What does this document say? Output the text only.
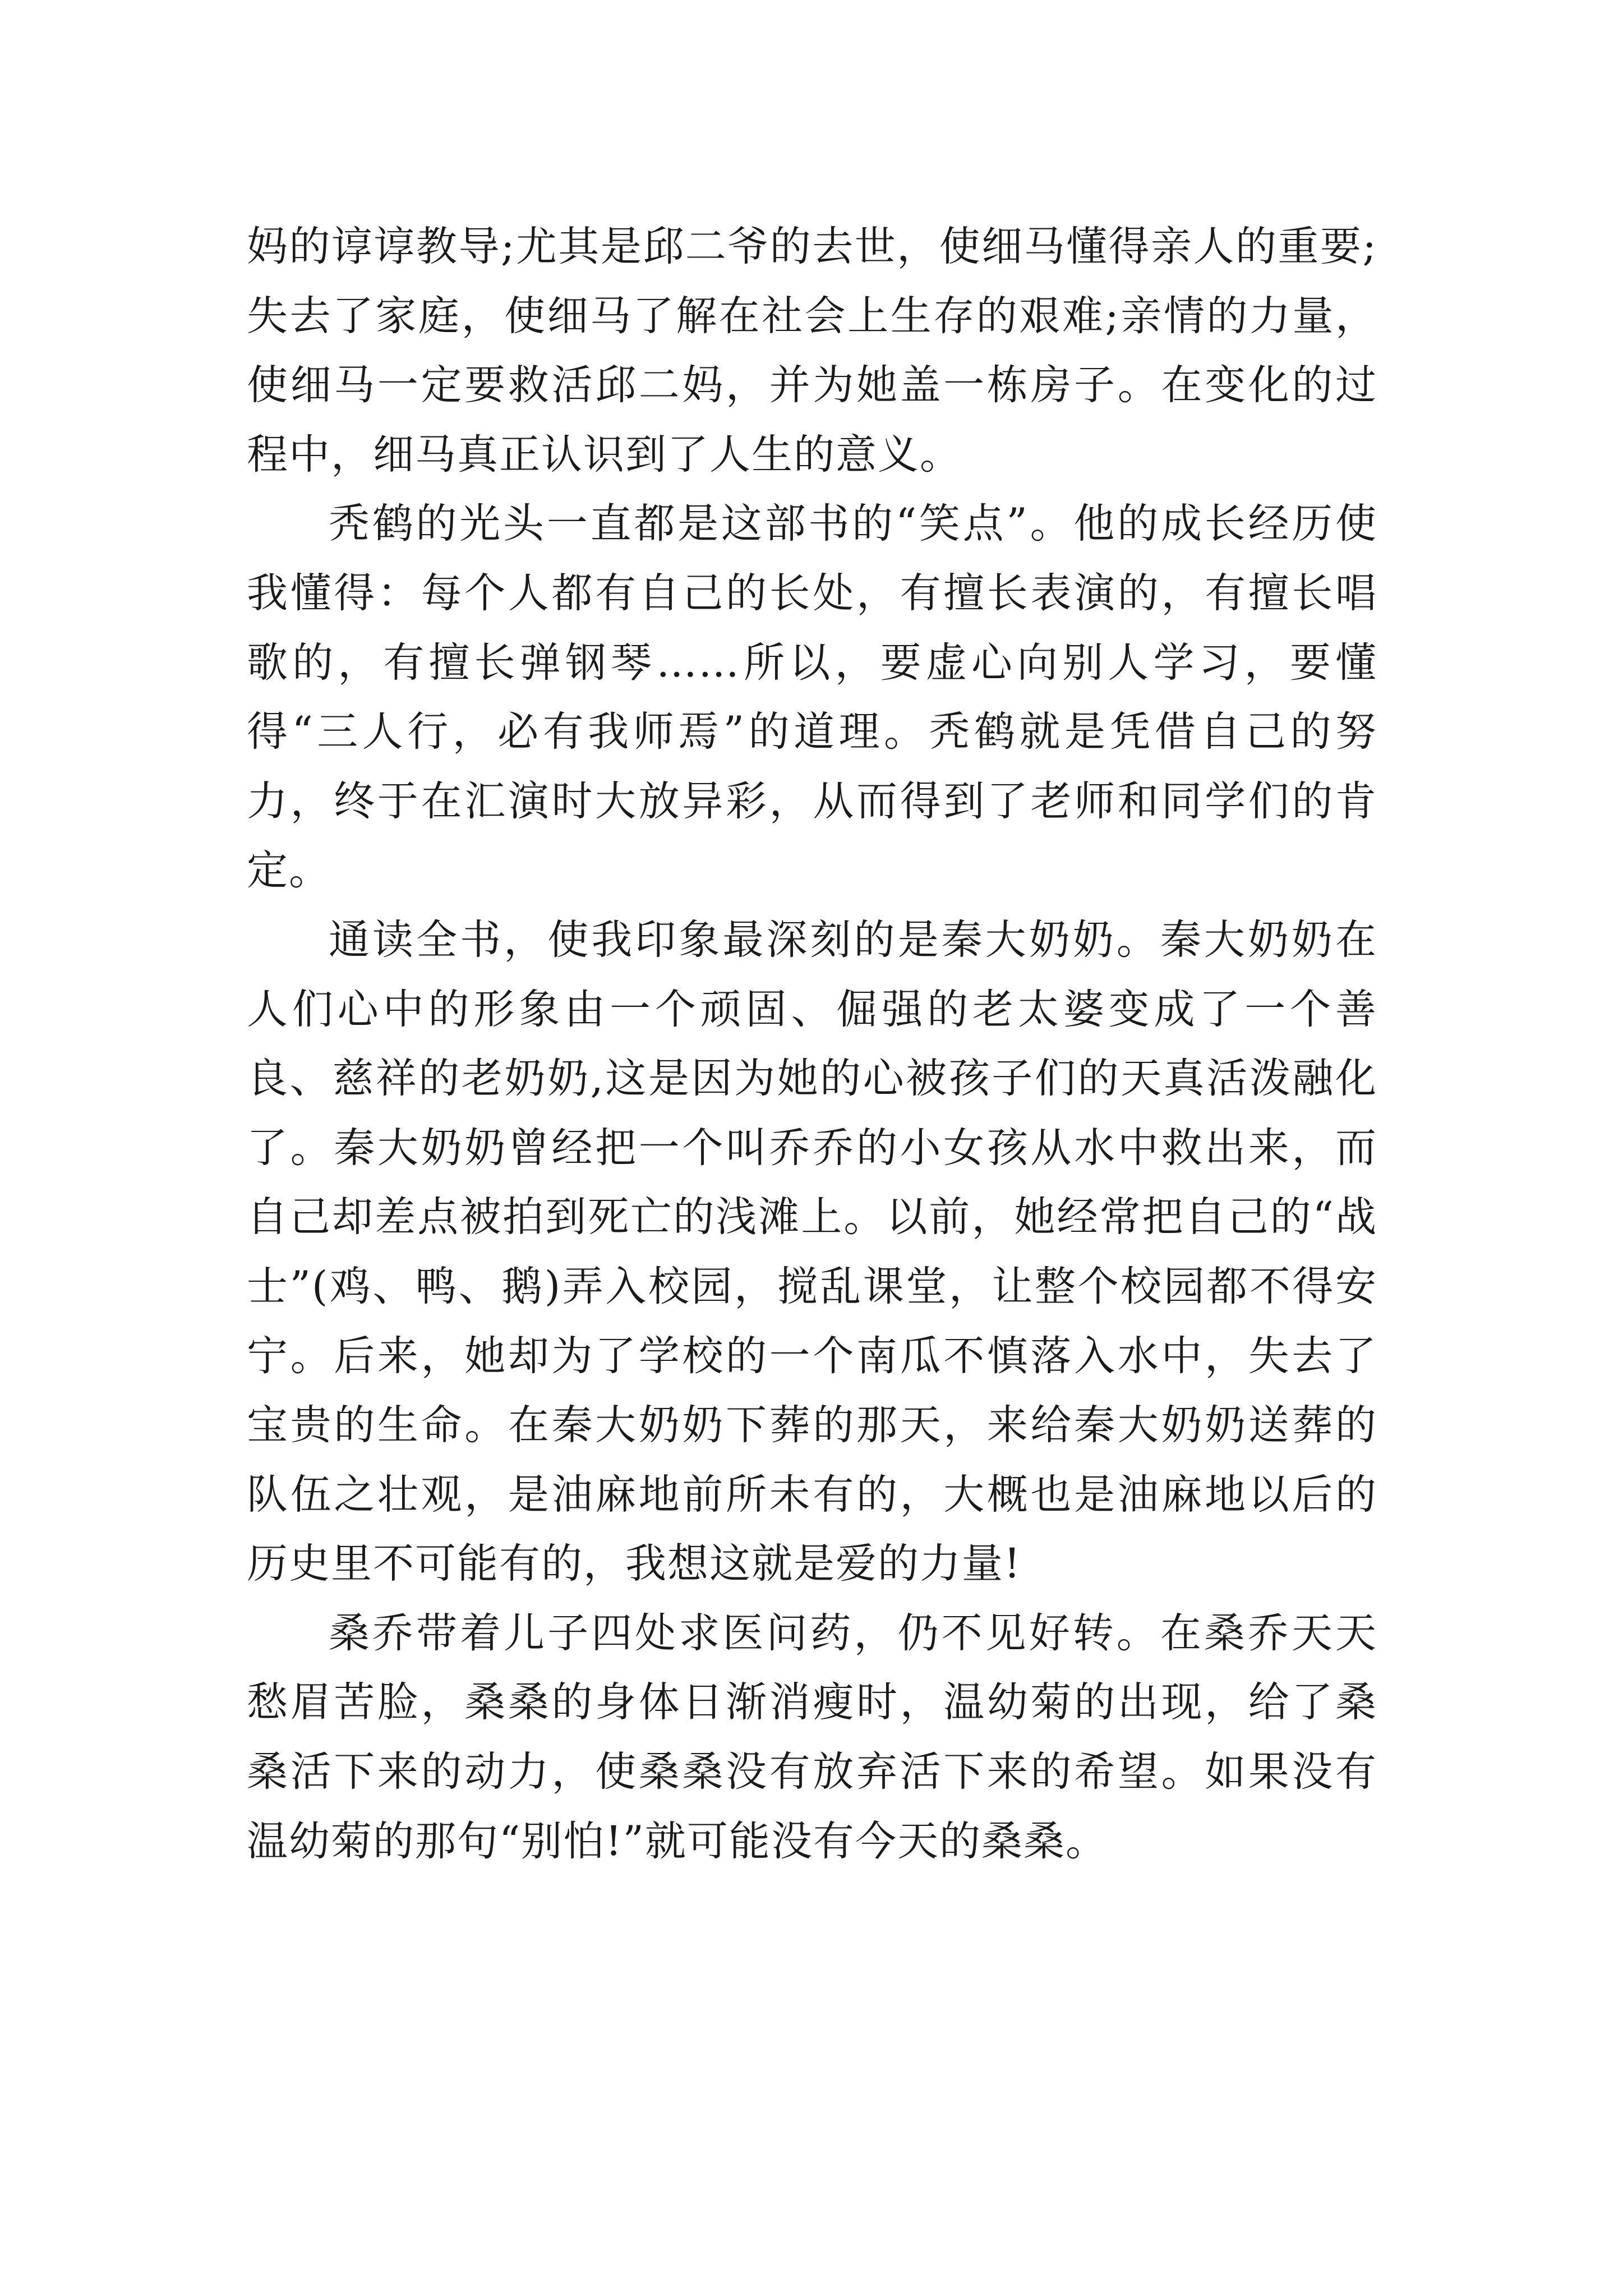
妈的谆谆教导;尤其是邱二爷的去世，使细马懂得亲人的重要;失去了家庭，使细马了解在社会上生存的艰难;亲情的力量，使细马一定要救活邱二妈，并为她盖一栋房子。在变化的过程中，细马真正认识到了人生的意义。

秃鹤的光头一直都是这部书的“笑点”。他的成长经历使我懂得：每个人都有自己的长处，有擅长表演的，有擅长唱歌的，有擅长弹钢琴……所以，要虚心向别人学习，要懂得“三人行，必有我师焉”的道理。秃鹤就是凭借自己的努力，终于在汇演时大放异彩，从而得到了老师和同学们的肯定。

通读全书，使我印象最深刻的是秦大奶奶。秦大奶奶在人们心中的形象由一个顽固、倔强的老太婆变成了一个善良、慈祥的老奶奶,这是因为她的心被孩子们的天真活泼融化了。秦大奶奶曾经把一个叫乔乔的小女孩从水中救出来，而自己却差点被拍到死亡的浅滩上。以前，她经常把自己的“战士”(鸡、鸭、鹅)弄入校园，搅乱课堂，让整个校园都不得安宁。后来，她却为了学校的一个南瓜不慎落入水中，失去了宝贵的生命。在秦大奶奶下葬的那天，来给秦大奶奶送葬的队伍之壮观，是油麻地前所未有的，大概也是油麻地以后的历史里不可能有的，我想这就是爱的力量!

桑乔带着儿子四处求医问药，仍不见好转。在桑乔天天愁眉苦脸，桑桑的身体日渐消瘦时，温幼菊的出现，给了桑桑活下来的动力，使桑桑没有放弃活下来的希望。如果没有温幼菊的那句“别怕!”就可能没有今天的桑桑。
